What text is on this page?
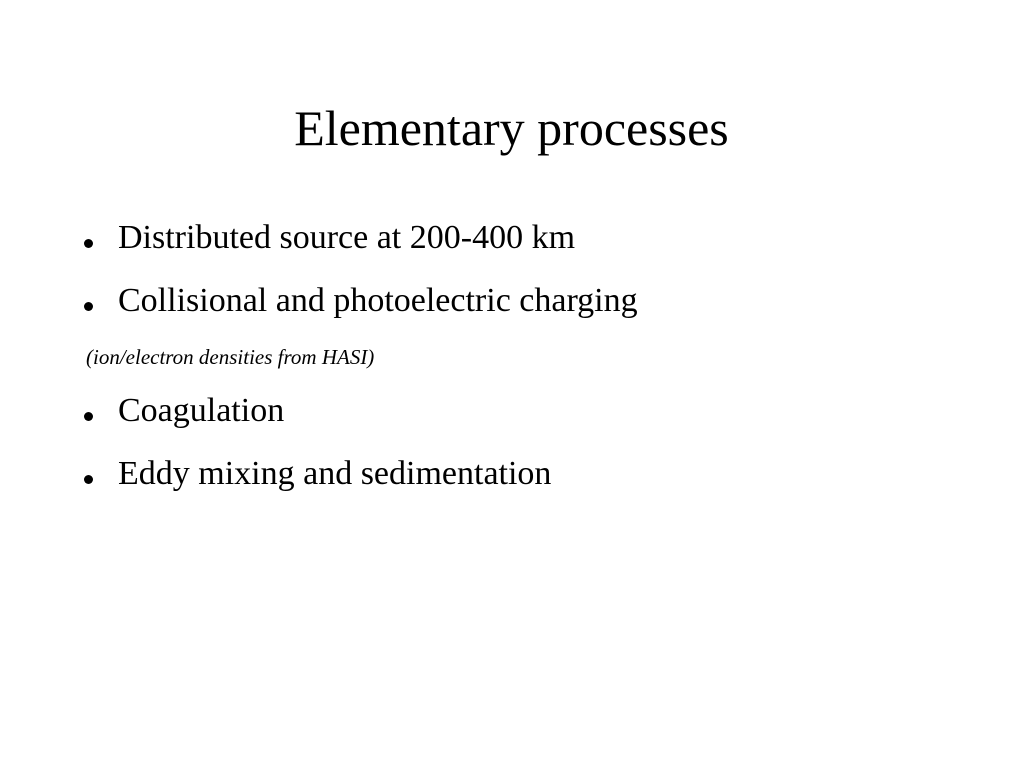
Elementary processes
Distributed source at 200-400 km
Collisional and photoelectric charging
(ion/electron densities from HASI)
Coagulation
Eddy mixing and sedimentation
